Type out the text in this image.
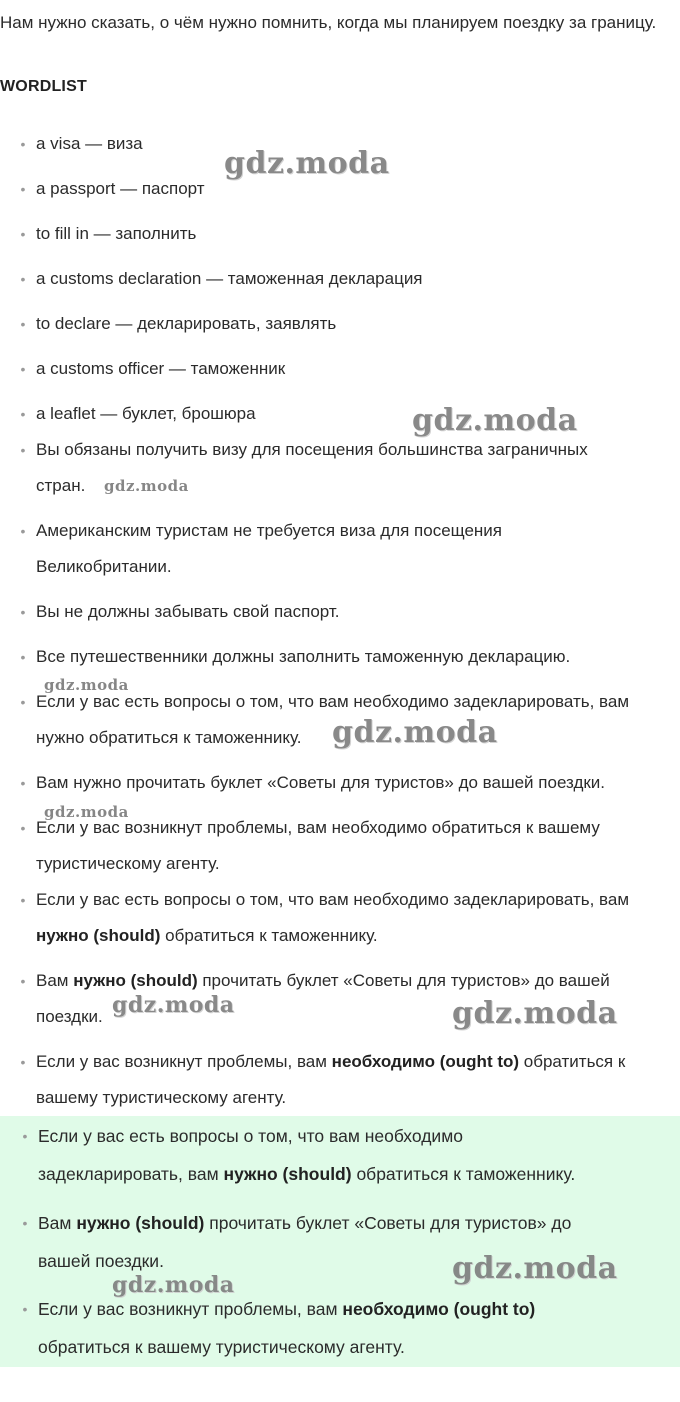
Нам нужно сказать, о чём нужно помнить, когда мы планируем поездку за границу.

WORDLIST

• a visa — виза
• a passport — паспорт
• to fill in — заполнить
• a customs declaration — таможенная декларация
• to declare — декларировать, заявлять
• a customs officer — таможенник
• a leaflet — буклет, брошюра
• Вы обязаны получить визу для посещения большинства заграничных
стран.
• Американским туристам не требуется виза для посещения
Великобритании.
• Вы не должны забывать свой паспорт.
• Все путешественники должны заполнить таможенную декларацию.
• Если у вас есть вопросы о том, что вам необходимо задекларировать, вам
нужно обратиться к таможеннику.
• Вам нужно прочитать буклет «Советы для туристов» до вашей поездки.
• Если у вас возникнут проблемы, вам необходимо обратиться к вашему
туристическому агенту.
• Если у вас есть вопросы о том, что вам необходимо задекларировать, вам
нужно (should) обратиться к таможеннику.
• Вам нужно (should) прочитать буклет «Советы для туристов» до вашей
поездки.
• Если у вас возникнут проблемы, вам необходимо (ought to) обратиться к
вашему туристическому агенту.
• Если у вас есть вопросы о том, что вам необходимо
задекларировать, вам нужно (should) обратиться к таможеннику.
• Вам нужно (should) прочитать буклет «Советы для туристов» до
вашей поездки.
• Если у вас возникнут проблемы, вам необходимо (ought to)
обратиться к вашему туристическому агенту.
gdz.moda
gdz.moda
gdz.moda
gdz.moda
gdz.moda
gdz.moda
gdz.moda	gdz.moda
gdz.moda
gdz.moda
